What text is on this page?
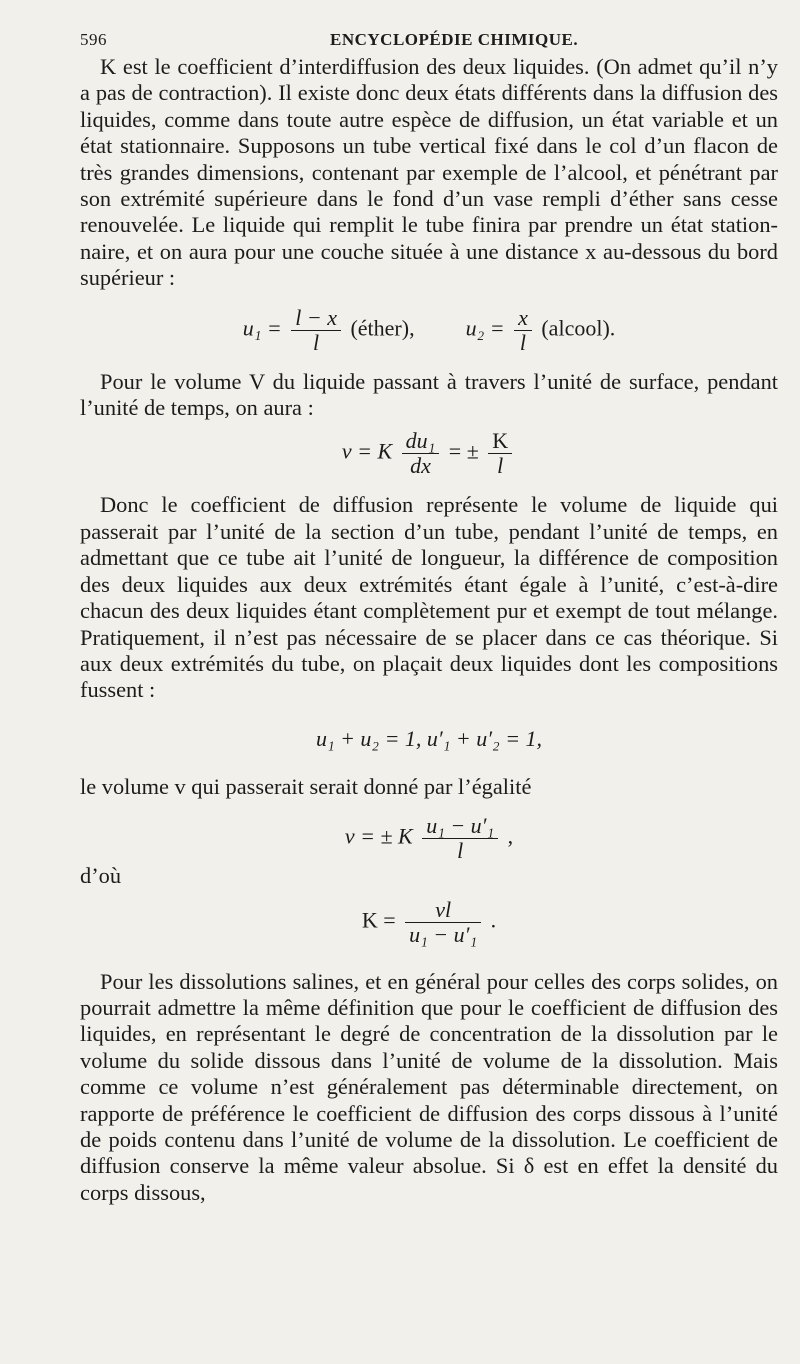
596	ENCYCLOPÉDIE CHIMIQUE.

K est le coefficient d’interdiffusion des deux liquides. (On admet qu’il n’y a pas de contraction). Il existe donc deux états différents dans la diffusion des liquides, comme dans toute autre espèce de diffusion, un état variable et un état stationnaire. Supposons un tube vertical fixé dans le col d’un flacon de très grandes dimensions, contenant par exemple de l’alcool, et pénétrant par son extrémité supérieure dans le fond d’un vase rempli d’éther sans cesse renouvelée. Le liquide qui remplit le tube finira par prendre un état station-naire, et on aura pour une couche située à une distance x au-dessous du bord supérieur :

$u_1 = \frac{l - x}{l}$ (éther), $u_2 = \frac{x}{l}$ (alcool).

Pour le volume V du liquide passant à travers l’unité de surface, pendant l’unité de temps, on aura :

v = K $\frac{\text{du₁}}{dx}$ = ± $\frac{K}{l}$

Donc le coefficient de diffusion représente le volume de liquide qui passerait par l’unité de la section d’un tube, pendant l’unité de temps, en admettant que ce tube ait l’unité de longueur, la différence de composition des deux liquides aux deux extrémités étant égale à l’unité, c’est-à-dire chacun des deux liquides étant complètement pur et exempt de tout mélange. Pratiquement, il n’est pas nécessaire de se placer dans ce cas théorique. Si aux deux extrémités du tube, on plaçait deux liquides dont les compositions fussent :

u₁ + u₂ = 1, u′₁ + u′₂ = 1,

le volume v qui passerait serait donné par l’égalité

v = ± K $\frac{\text{u₁ − u′₁}}{l}$ ,

d’où

$K = \frac{vl}{\text{u₁ − u′₁}}$ .

Pour les dissolutions salines, et en général pour celles des corps solides, on pourrait admettre la même définition que pour le coefficient de diffusion des liquides, en représentant le degré de concentration de la dissolution par le volume du solide dissous dans l’unité de volume de la dissolution. Mais comme ce volume n’est généralement pas déterminable directement, on rapporte de préférence le coefficient de diffusion des corps dissous à l’unité de poids contenu dans l’unité de volume de la dissolution. Le coefficient de diffusion conserve la même valeur absolue. Si δ est en effet la densité du corps dissous,
